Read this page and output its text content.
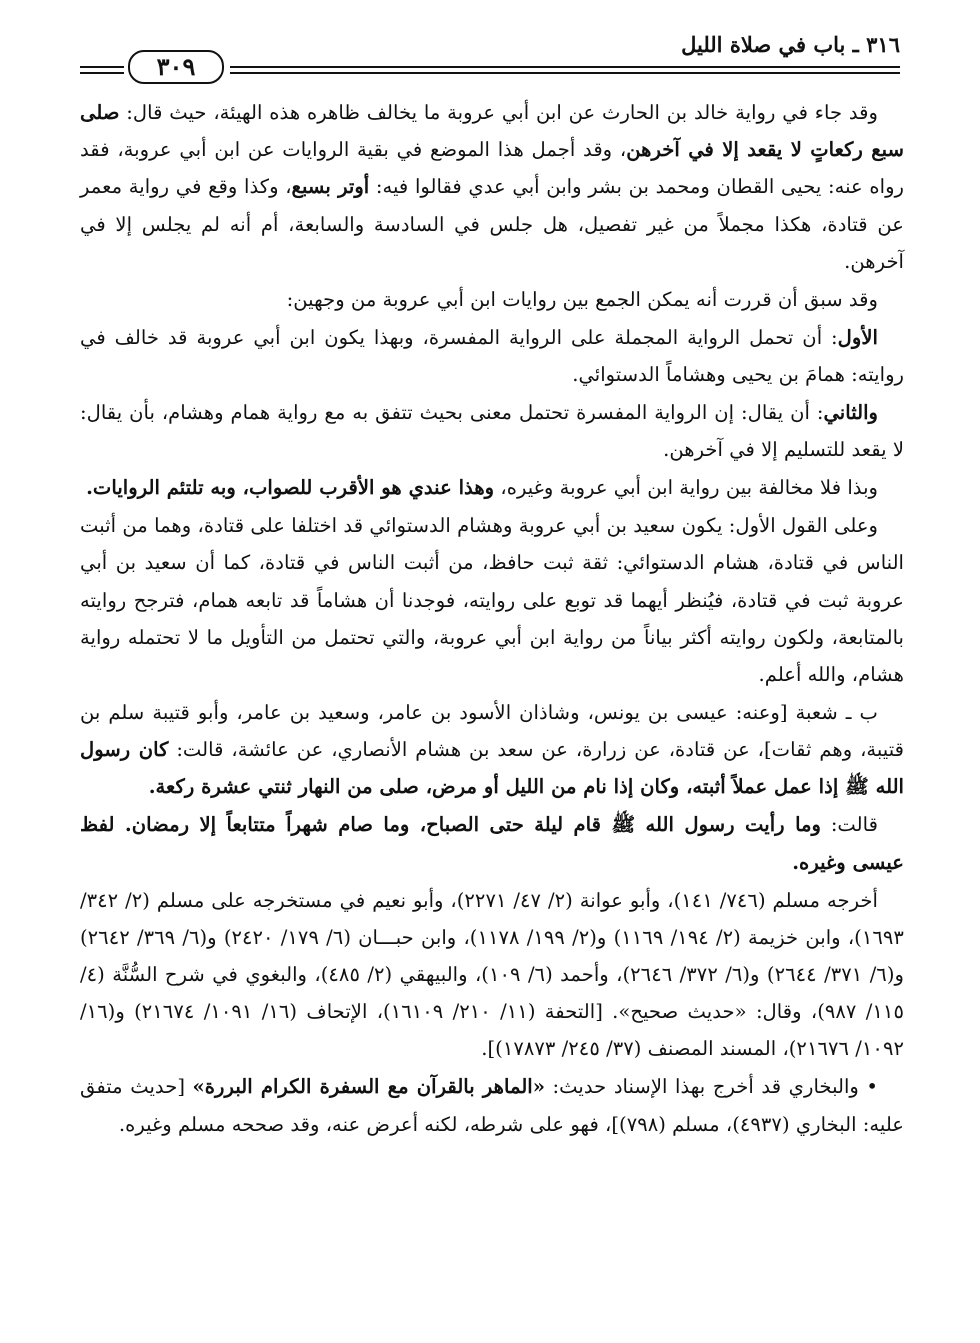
٣١٦ ـ باب في صلاة الليل
٣٠٩

وقد جاء في رواية خالد بن الحارث عن ابن أبي عروبة ما يخالف ظاهره هذه الهيئة، حيث قال: صلى سبع ركعاتٍ لا يقعد إلا في آخرهن، وقد أجمل هذا الموضع في بقية الروايات عن ابن أبي عروبة، فقد رواه عنه: يحيى القطان ومحمد بن بشر وابن أبي عدي فقالوا فيه: أوتر بسبع، وكذا وقع في رواية معمر عن قتادة، هكذا مجملاً من غير تفصيل، هل جلس في السادسة والسابعة، أم أنه لم يجلس إلا في آخرهن.

وقد سبق أن قررت أنه يمكن الجمع بين روايات ابن أبي عروبة من وجهين:

الأول: أن تحمل الرواية المجملة على الرواية المفسرة، وبهذا يكون ابن أبي عروبة قد خالف في روايته: همامَ بن يحيى وهشاماً الدستوائي.

والثاني: أن يقال: إن الرواية المفسرة تحتمل معنى بحيث تتفق به مع رواية همام وهشام، بأن يقال: لا يقعد للتسليم إلا في آخرهن.

وبذا فلا مخالفة بين رواية ابن أبي عروبة وغيره، وهذا عندي هو الأقرب للصواب، وبه تلتئم الروايات.

وعلى القول الأول: يكون سعيد بن أبي عروبة وهشام الدستوائي قد اختلفا على قتادة، وهما من أثبت الناس في قتادة، هشام الدستوائي: ثقة ثبت حافظ، من أثبت الناس في قتادة، كما أن سعيد بن أبي عروبة ثبت في قتادة، فيُنظر أيهما قد توبع على روايته، فوجدنا أن هشاماً قد تابعه همام، فترجح روايته بالمتابعة، ولكون روايته أكثر بياناً من رواية ابن أبي عروبة، والتي تحتمل من التأويل ما لا تحتمله رواية هشام، والله أعلم.

ب ـ شعبة [وعنه: عيسى بن يونس، وشاذان الأسود بن عامر، وسعيد بن عامر، وأبو قتيبة سلم بن قتيبة، وهم ثقات]، عن قتادة، عن زرارة، عن سعد بن هشام الأنصاري، عن عائشة، قالت: كان رسول الله ﷺ إذا عمل عملاً أثبته، وكان إذا نام من الليل أو مرض، صلى من النهار ثنتي عشرة ركعة.

قالت: وما رأيت رسول الله ﷺ قام ليلة حتى الصباح، وما صام شهراً متتابعاً إلا رمضان. لفظ عيسى وغيره.

أخرجه مسلم (٧٤٦/ ١٤١)، وأبو عوانة (٢/ ٤٧/ ٢٢٧١)، وأبو نعيم في مستخرجه على مسلم (٢/ ٣٤٢/ ١٦٩٣)، وابن خزيمة (٢/ ١٩٤/ ١١٦٩) و(٢/ ١٩٩/ ١١٧٨)، وابن حبـــان (٦/ ١٧٩/ ٢٤٢٠) و(٦/ ٣٦٩/ ٢٦٤٢) و(٦/ ٣٧١/ ٢٦٤٤) و(٦/ ٣٧٢/ ٢٦٤٦)، وأحمد (٦/ ١٠٩)، والبيهقي (٢/ ٤٨٥)، والبغوي في شرح السُّنَّة (٤/ ١١٥/ ٩٨٧)، وقال: «حديث صحيح». [التحفة (١١/ ٢١٠/ ١٦١٠٩)، الإتحاف (١٦/ ١٠٩١/ ٢١٦٧٤) و(١٦/ ١٠٩٢/ ٢١٦٧٦)، المسند المصنف (٣٧/ ٢٤٥/ ١٧٨٧٣)].

• والبخاري قد أخرج بهذا الإسناد حديث: «الماهر بالقرآن مع السفرة الكرام البررة» [حديث متفق عليه: البخاري (٤٩٣٧)، مسلم (٧٩٨)]، فهو على شرطه، لكنه أعرض عنه، وقد صححه مسلم وغيره.
